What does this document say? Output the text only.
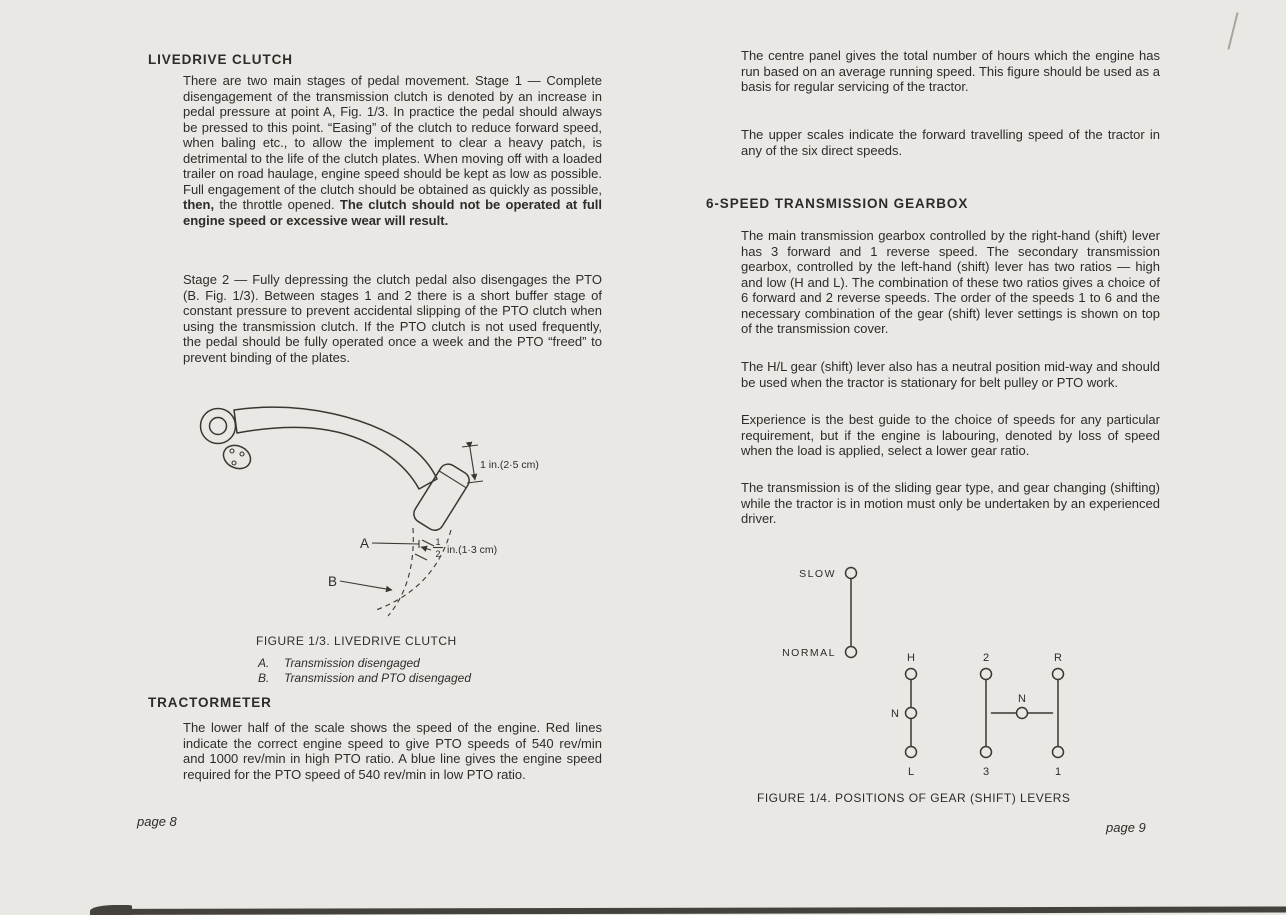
LIVEDRIVE CLUTCH
There are two main stages of pedal movement. Stage 1 — Complete disengagement of the transmission clutch is denoted by an increase in pedal pressure at point A, Fig. 1/3. In practice the pedal should always be pressed to this point. “Easing” of the clutch to reduce forward speed, when baling etc., to allow the implement to clear a heavy patch, is detrimental to the life of the clutch plates. When moving off with a loaded trailer on road haulage, engine speed should be kept as low as possible. Full engagement of the clutch should be obtained as quickly as possible, then, the throttle opened. The clutch should not be operated at full engine speed or excessive wear will result.
Stage 2 — Fully depressing the clutch pedal also disengages the PTO (B. Fig. 1/3). Between stages 1 and 2 there is a short buffer stage of constant pressure to prevent accidental slipping of the PTO clutch when using the transmission clutch. If the PTO clutch is not used frequently, the pedal should be fully operated once a week and the PTO “freed” to prevent binding of the plates.
A
B
1 in.(2·5 cm)
1
2 in.(1·3 cm)
FIGURE 1/3. LIVEDRIVE CLUTCH
A. Transmission disengaged
B. Transmission and PTO disengaged
TRACTORMETER
The lower half of the scale shows the speed of the engine. Red lines indicate the correct engine speed to give PTO speeds of 540 rev/min and 1000 rev/min in high PTO ratio. A blue line gives the engine speed required for the PTO speed of 540 rev/min in low PTO ratio.
page 8
The centre panel gives the total number of hours which the engine has run based on an average running speed. This figure should be used as a basis for regular servicing of the tractor.
The upper scales indicate the forward travelling speed of the tractor in any of the six direct speeds.
6-SPEED TRANSMISSION GEARBOX
The main transmission gearbox controlled by the right-hand (shift) lever has 3 forward and 1 reverse speed. The secondary transmission gearbox, controlled by the left-hand (shift) lever has two ratios — high and low (H and L). The combination of these two ratios gives a choice of 6 forward and 2 reverse speeds. The order of the speeds 1 to 6 and the necessary combination of the gear (shift) lever settings is shown on top of the transmission cover.
The H/L gear (shift) lever also has a neutral position mid-way and should be used when the tractor is stationary for belt pulley or PTO work.
Experience is the best guide to the choice of speeds for any particular requirement, but if the engine is labouring, denoted by loss of speed when the load is applied, select a lower gear ratio.
The transmission is of the sliding gear type, and gear changing (shifting) while the tractor is in motion must only be undertaken by an experienced driver.
SLOW
NORMAL	H
N
L
2	R
N
3	1
FIGURE 1/4. POSITIONS OF GEAR (SHIFT) LEVERS
page 9
